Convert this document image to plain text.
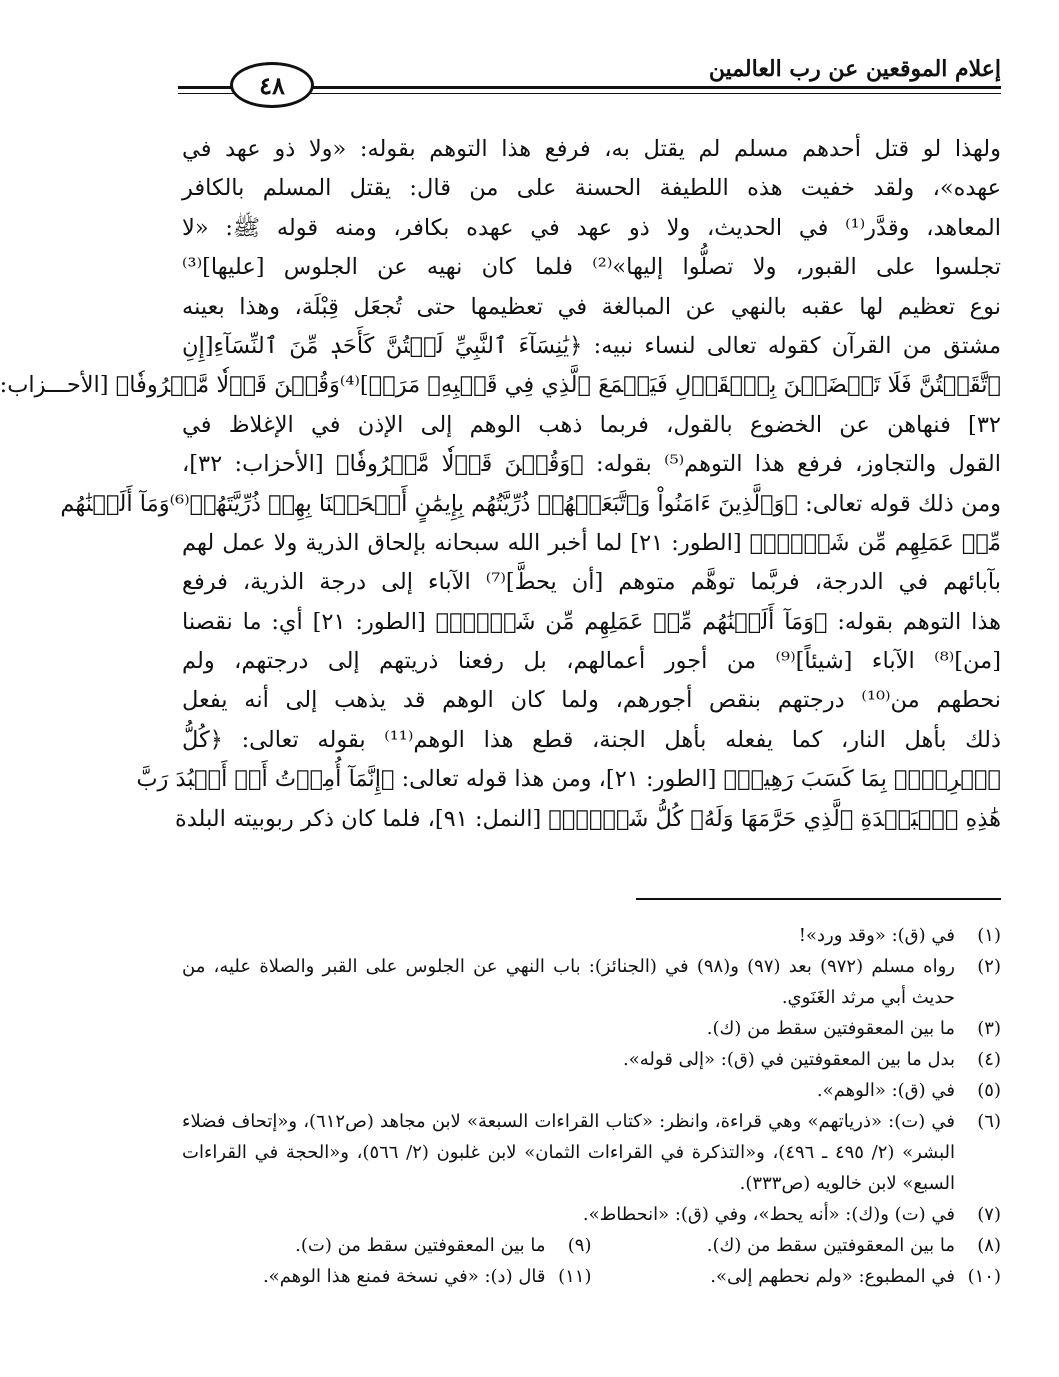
إعلام الموقعين عن رب العالمين
٤٨
ولهذا لو قتل أحدهم مسلم لم يقتل به، فرفع هذا التوهم بقوله: «ولا ذو عهد في
عهده»، ولقد خفيت هذه اللطيفة الحسنة على من قال: يقتل المسلم بالكافر
المعاهد، وقدَّر⁽¹⁾ في الحديث، ولا ذو عهد في عهده بكافر، ومنه قوله ﷺ: «لا
تجلسوا على القبور، ولا تصلُّوا إليها»⁽²⁾ فلما كان نهيه عن الجلوس [عليها]⁽³⁾
نوع تعظيم لها عقبه بالنهي عن المبالغة في تعظيمها حتى تُجعَل قِبْلَة، وهذا بعينه
مشتق من القرآن كقوله تعالى لنساء نبيه: ﴿يَٰنِسَآءَ ٱلنَّبِيِّ لَسۡتُنَّ كَأَحَدٖ مِّنَ ٱلنِّسَآءِ[إِنِ
ٱتَّقَيۡتُنَّ فَلَا تَخۡضَعۡنَ بِٱلۡقَوۡلِ فَيَطۡمَعَ ٱلَّذِي فِي قَلۡبِهِۦ مَرَضٞ]⁽⁴⁾وَقُلۡنَ قَوۡلٗا مَّعۡرُوفٗا﴾ [الأحـــزاب:
٣٢] فنهاهن عن الخضوع بالقول، فربما ذهب الوهم إلى الإذن في الإغلاظ في
القول والتجاوز، فرفع هذا التوهم⁽⁵⁾ بقوله: ﴿وَقُلۡنَ قَوۡلٗا مَّعۡرُوفٗا﴾ [الأحزاب: ٣٢]،
ومن ذلك قوله تعالى: ﴿وَٱلَّذِينَ ءَامَنُواْ وَٱتَّبَعَتۡهُمۡ ذُرِّيَّتُهُم بِإِيمَٰنٍ أَلۡحَقۡنَا بِهِمۡ ذُرِّيَّتَهُمۡ⁽⁶⁾وَمَآ أَلَتۡنَٰهُم
مِّنۡ عَمَلِهِم مِّن شَيۡءٖۚ﴾ [الطور: ٢١] لما أخبر الله سبحانه بإلحاق الذرية ولا عمل لهم
بآبائهم في الدرجة، فربَّما توهَّم متوهم [أن يحطَّ]⁽⁷⁾ الآباء إلى درجة الذرية، فرفع
هذا التوهم بقوله: ﴿وَمَآ أَلَتۡنَٰهُم مِّنۡ عَمَلِهِم مِّن شَيۡءٖۚ﴾ [الطور: ٢١] أي: ما نقصنا
[من]⁽⁸⁾ الآباء [شيئاً]⁽⁹⁾ من أجور أعمالهم، بل رفعنا ذريتهم إلى درجتهم، ولم
نحطهم من⁽¹⁰⁾ درجتهم بنقص أجورهم، ولما كان الوهم قد يذهب إلى أنه يفعل
ذلك بأهل النار، كما يفعله بأهل الجنة، قطع هذا الوهم⁽¹¹⁾ بقوله تعالى: ﴿كُلُّ
ٱمۡرِيِٕۭ بِمَا كَسَبَ رَهِينٞ﴾ [الطور: ٢١]، ومن هذا قوله تعالى: ﴿إِنَّمَآ أُمِرۡتُ أَنۡ أَعۡبُدَ رَبَّ
هَٰذِهِ ٱلۡبَلۡدَةِ ٱلَّذِي حَرَّمَهَا وَلَهُۥ كُلُّ شَيۡءٖۖ﴾ [النمل: ٩١]، فلما كان ذكر ربوبيته البلدة
(١)
في (ق): «وقد ورد»!
(٢)
رواه مسلم (٩٧٢) بعد (٩٧) و(٩٨) في (الجنائز): باب النهي عن الجلوس على القبر والصلاة عليه، من حديث أبي مرثد الغَنَوي.
(٣)
ما بين المعقوفتين سقط من (ك).
(٤)
بدل ما بين المعقوفتين في (ق): «إلى قوله».
(٥)
في (ق): «الوهم».
(٦)
في (ت): «ذرياتهم» وهي قراءة، وانظر: «كتاب القراءات السبعة» لابن مجاهد (ص٦١٢)، و«إتحاف فضلاء البشر» (٢/ ٤٩٥ ـ ٤٩٦)، و«التذكرة في القراءات الثمان» لابن غلبون (٢/ ٥٦٦)، و«الحجة في القراءات السبع» لابن خالويه (ص٣٣٣).
(٧)
في (ت) و(ك): «أنه يحط»، وفي (ق): «انحطاط».
(٨)
ما بين المعقوفتين سقط من (ك).
(٩)
ما بين المعقوفتين سقط من (ت).
(١٠)
في المطبوع: «ولم نحطهم إلى».
(١١)
قال (د): «في نسخة فمنع هذا الوهم».
